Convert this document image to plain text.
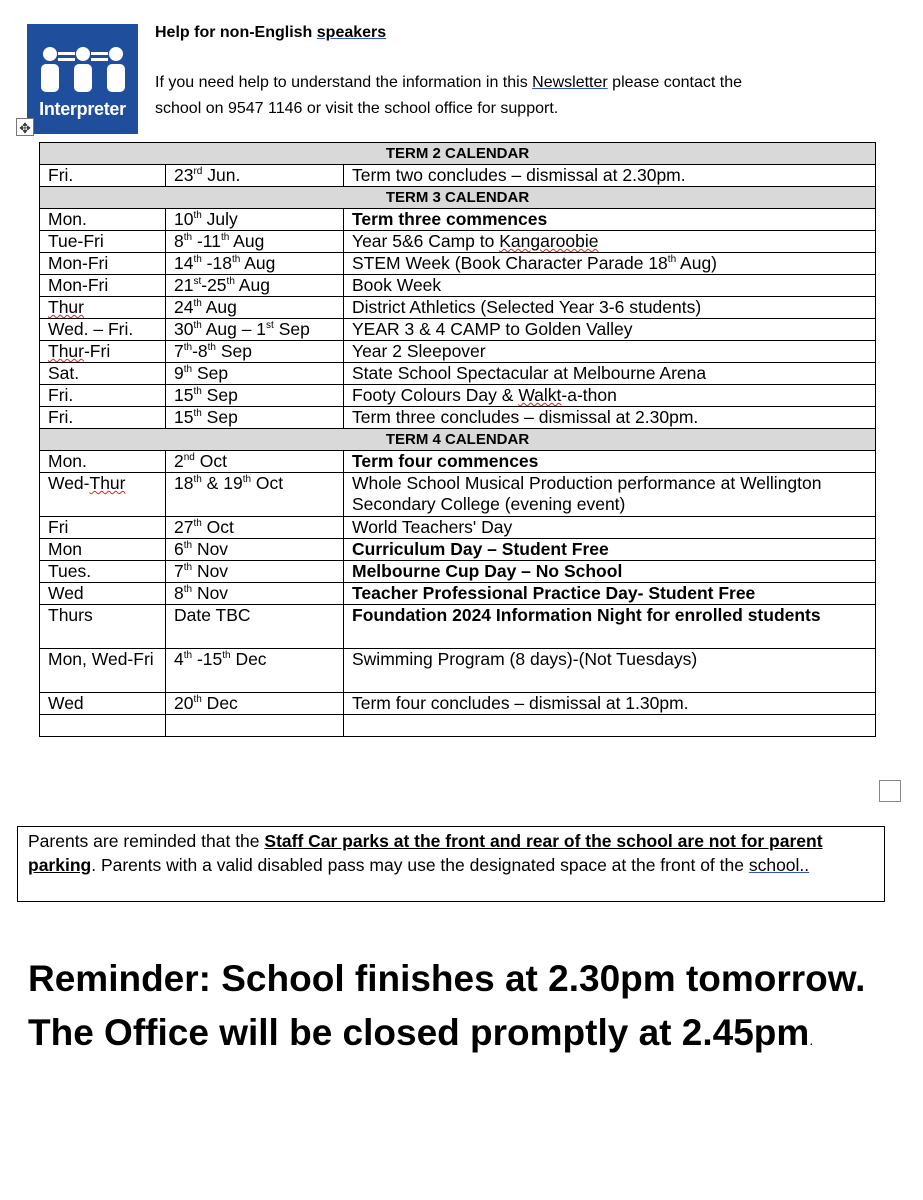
Interpreter
Help for non-English speakers
If you need help to understand the information in this Newsletter please contact the
school on 9547 1146 or visit the school office for support.
✥
TERM 2 CALENDAR		
Fri.	23rd Jun.	Term two concludes – dismissal at 2.30pm.
TERM 3 CALENDAR		
Mon.	10th July	Term three commences
Tue-Fri	8th -11th Aug	Year 5&6 Camp to Kangaroobie
Mon-Fri	14th -18th Aug	STEM Week (Book Character Parade 18th Aug)
Mon-Fri	21st-25th Aug	Book Week
Thur	24th Aug	District Athletics (Selected Year 3-6 students)
Wed. – Fri.	30th Aug – 1st Sep	YEAR 3 & 4 CAMP to Golden Valley
Thur-Fri	7th-8th Sep	Year 2 Sleepover
Sat.	9th Sep	State School Spectacular at Melbourne Arena
Fri.	15th Sep	Footy Colours Day & Walkt-a-thon
Fri.	15th Sep	Term three concludes – dismissal at 2.30pm.
TERM 4 CALENDAR		
Mon.	2nd Oct	Term four commences
Wed-Thur	18th & 19th Oct	Whole School Musical Production performance at Wellington Secondary College (evening event)
Fri	27th Oct	World Teachers' Day
Mon	6th Nov	Curriculum Day – Student Free
Tues.	7th Nov	Melbourne Cup Day – No School
Wed	8th Nov	Teacher Professional Practice Day- Student Free
Thurs	Date TBC	Foundation 2024 Information Night for enrolled students
Mon, Wed-Fri	4th -15th Dec	Swimming Program (8 days)-(Not Tuesdays)
Wed	20th Dec	Term four concludes – dismissal at 1.30pm.

Parents are reminded that the Staff Car parks at the front and rear of the school are not for parent parking. Parents with a valid disabled pass may use the designated space at the front of the school..
Reminder: School finishes at 2.30pm tomorrow. The Office will be closed promptly at 2.45pm.
